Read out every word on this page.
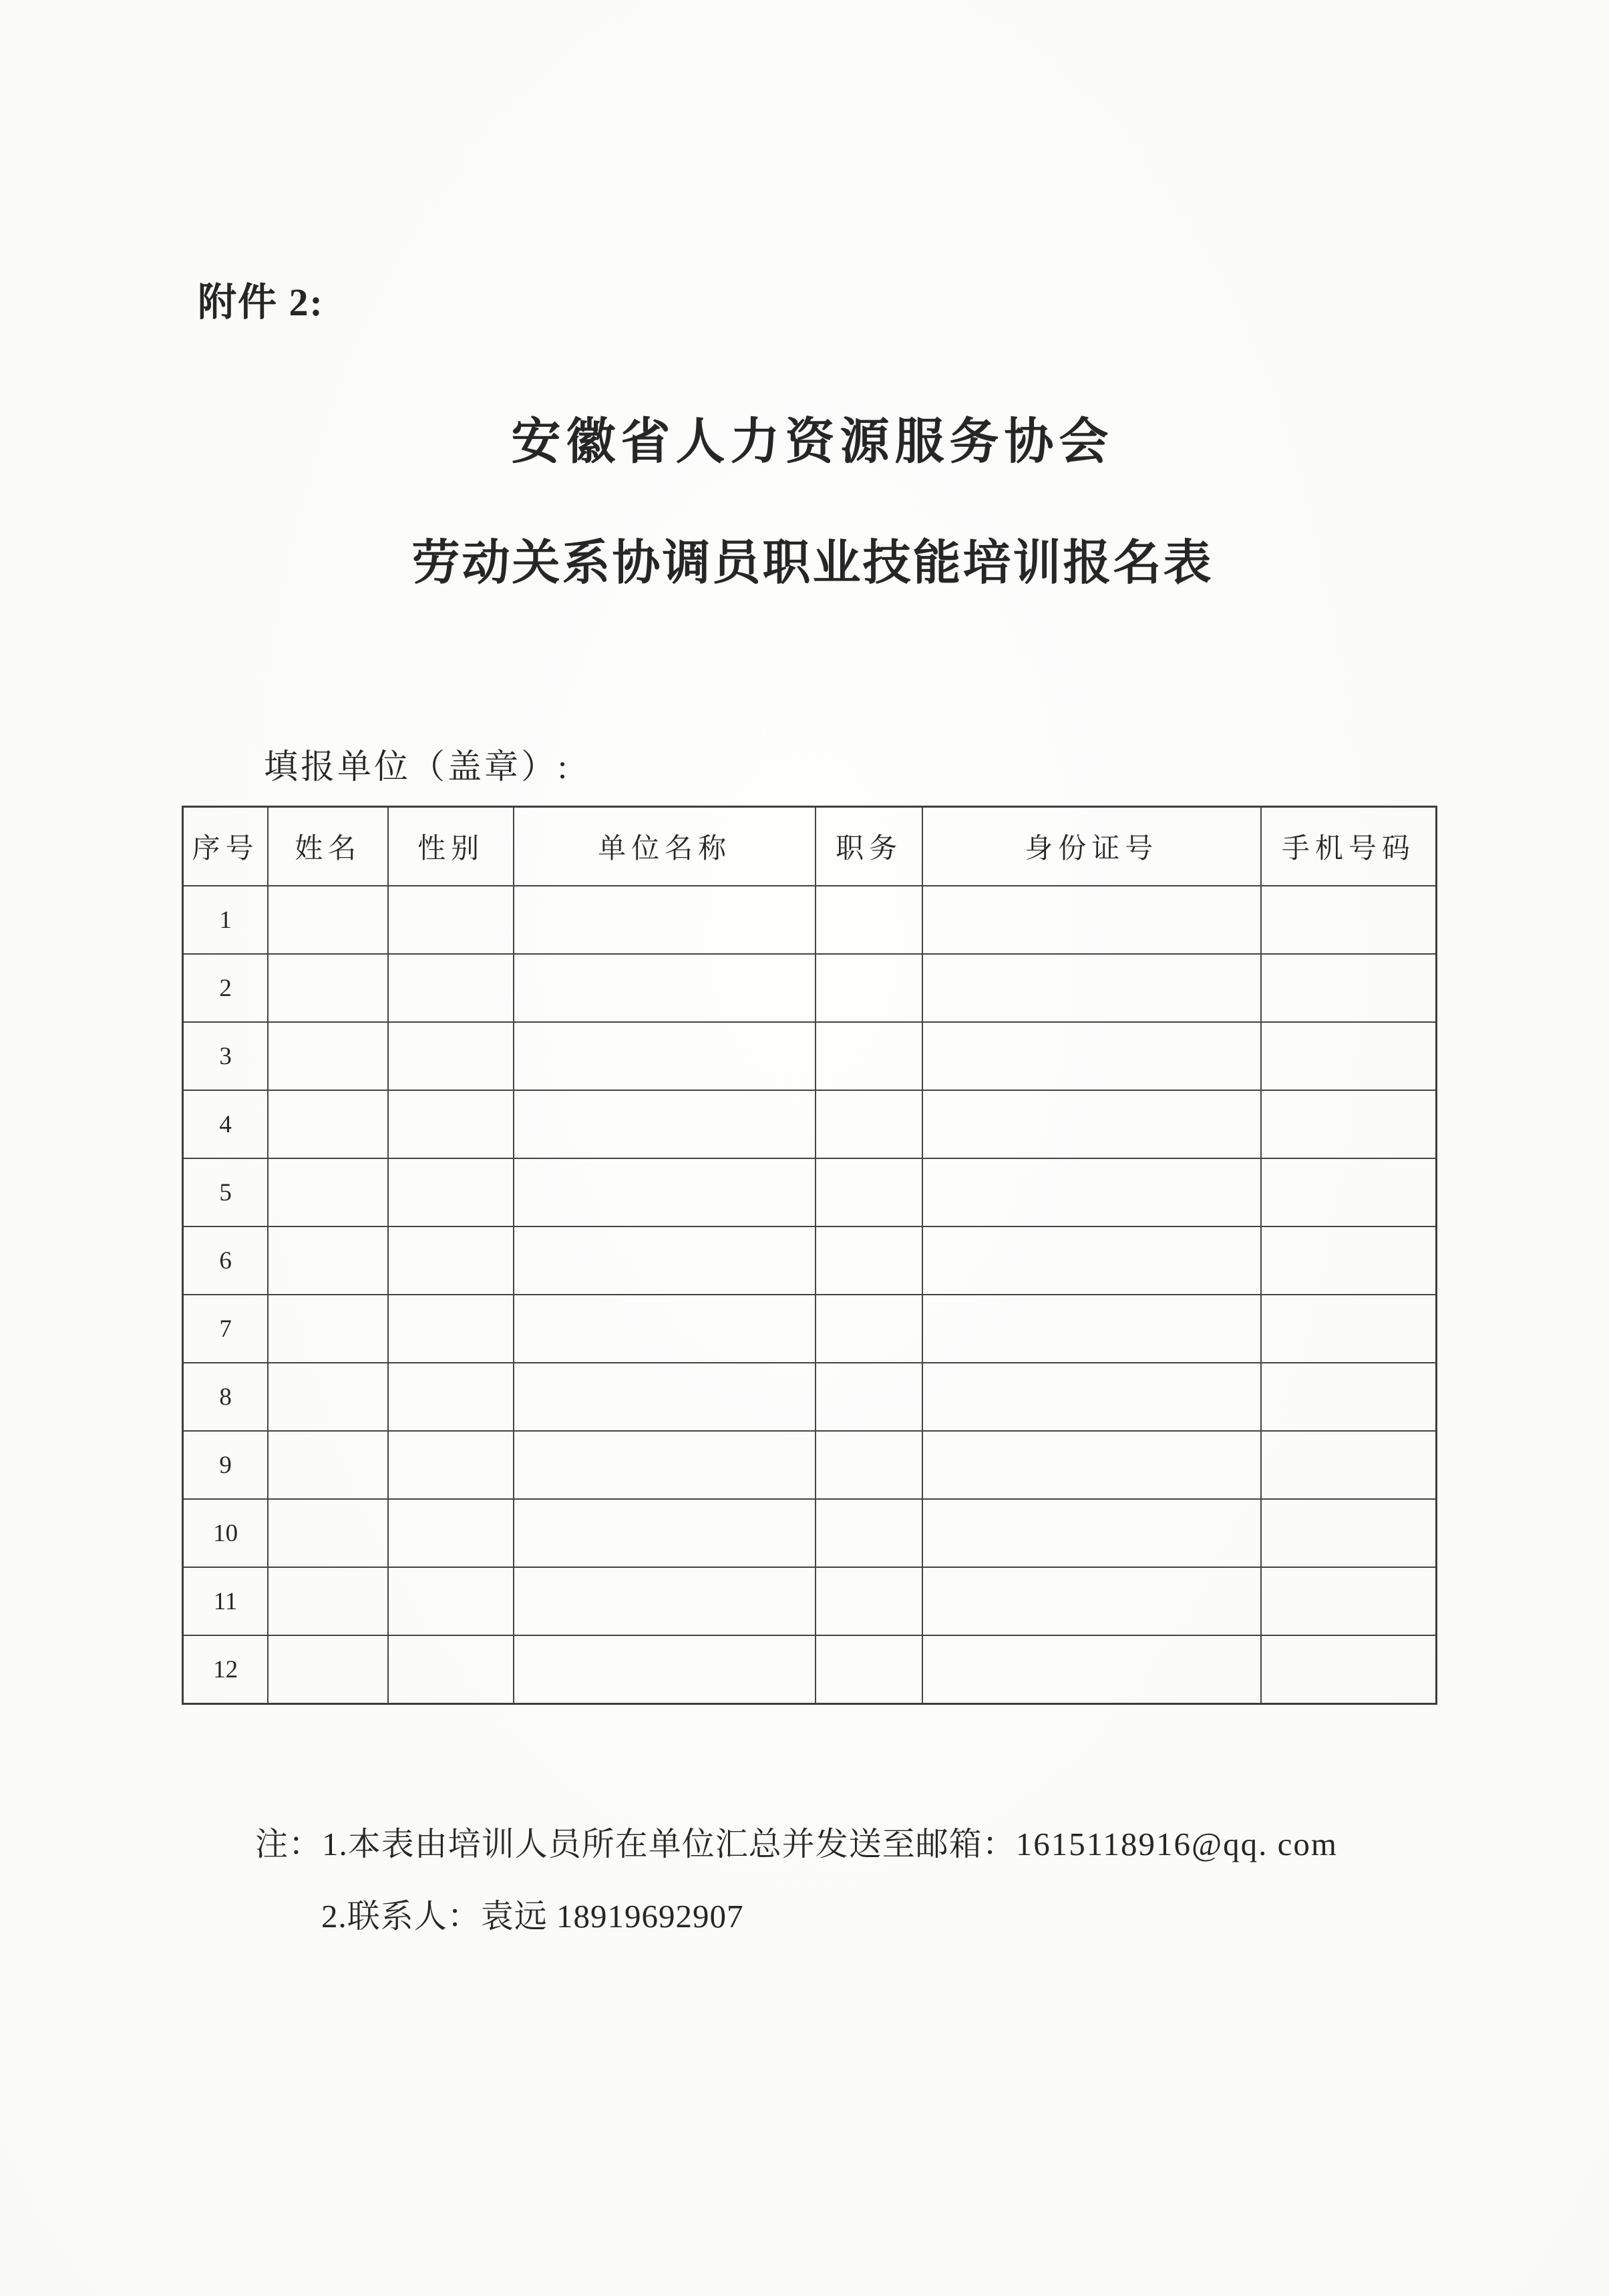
附件 2:
安徽省人力资源服务协会
劳动关系协调员职业技能培训报名表
填报单位（盖章）:
序号	姓名	性别	单位名称	职务	身份证号	手机号码
1						
2						
3						
4						
5						
6						
7						
8						
9						
10						
11						
12						
注：1.本表由培训人员所在单位汇总并发送至邮箱：1615118916@qq. com
2.联系人：袁远 18919692907
